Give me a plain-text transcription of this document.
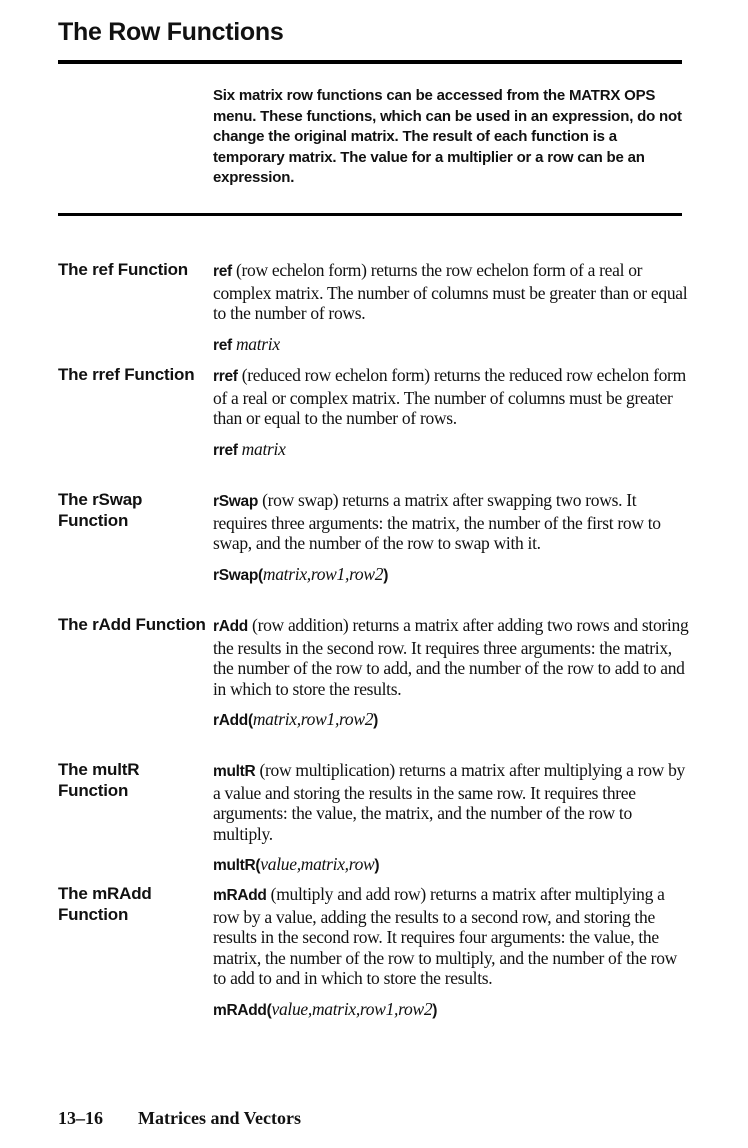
The Row Functions
Six matrix row functions can be accessed from the MATRX OPS menu. These functions, which can be used in an expression, do not change the original matrix. The result of each function is a temporary matrix. The value for a multiplier or a row can be an expression.
The ref Function	ref (row echelon form) returns the row echelon form of a real or complex matrix. The number of columns must be greater than or equal to the number of rows.
ref matrix
The rref Function	rref (reduced row echelon form) returns the reduced row echelon form of a real or complex matrix. The number of columns must be greater than or equal to the number of rows.
rref matrix
The rSwap Function
rSwap (row swap) returns a matrix after swapping two rows. It requires three arguments: the matrix, the number of the first row to swap, and the number of the row to swap with it.
rSwap(matrix,row1,row2)
The rAdd Function rAdd (row addition) returns a matrix after adding two rows and storing the results in the second row. It requires three arguments: the matrix, the number of the row to add, and the number of the row to add to and in which to store the results.
rAdd(matrix,row1,row2)
The multR Function
multR (row multiplication) returns a matrix after multiplying a row by a value and storing the results in the same row. It requires three arguments: the value, the matrix, and the number of the row to multiply.
multR(value,matrix,row)
The mRAdd Function
mRAdd (multiply and add row) returns a matrix after multiplying a row by a value, adding the results to a second row, and storing the results in the second row. It requires four arguments: the value, the matrix, the number of the row to multiply, and the number of the row to add to and in which to store the results.
mRAdd(value,matrix,row1,row2)
13–16 Matrices and Vectors
